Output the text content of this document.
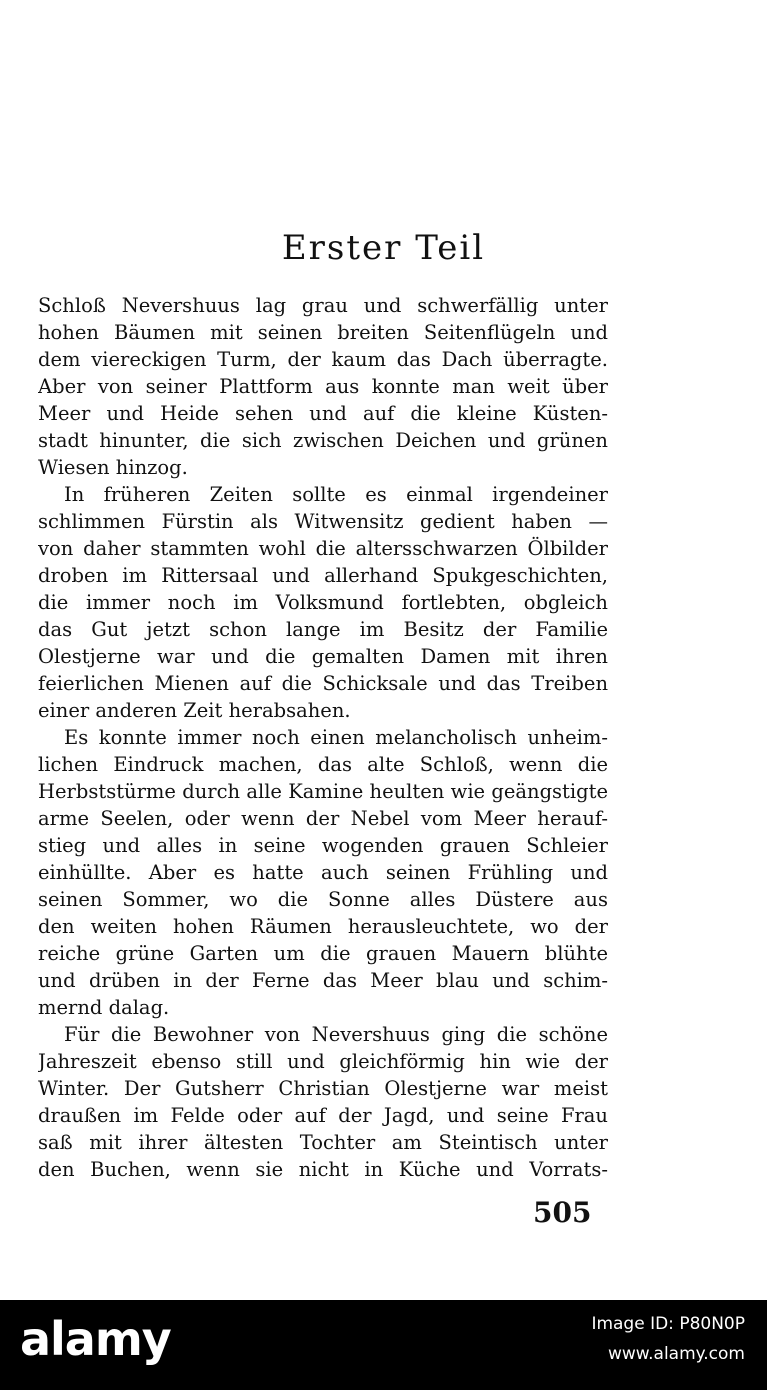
Erster Teil
Schloß Nevershuus lag grau und schwerfällig unter
hohen Bäumen mit seinen breiten Seitenflügeln und
dem viereckigen Turm, der kaum das Dach überragte.
Aber von seiner Plattform aus konnte man weit über
Meer und Heide sehen und auf die kleine Küsten-
stadt hinunter, die sich zwischen Deichen und grünen
Wiesen hinzog.
In früheren Zeiten sollte es einmal irgendeiner
schlimmen Fürstin als Witwensitz gedient haben —
von daher stammten wohl die altersschwarzen Ölbilder
droben im Rittersaal und allerhand Spukgeschichten,
die immer noch im Volksmund fortlebten, obgleich
das Gut jetzt schon lange im Besitz der Familie
Olestjerne war und die gemalten Damen mit ihren
feierlichen Mienen auf die Schicksale und das Treiben
einer anderen Zeit herabsahen.
Es konnte immer noch einen melancholisch unheim-
lichen Eindruck machen, das alte Schloß, wenn die
Herbststürme durch alle Kamine heulten wie geängstigte
arme Seelen, oder wenn der Nebel vom Meer herauf-
stieg und alles in seine wogenden grauen Schleier
einhüllte. Aber es hatte auch seinen Frühling und
seinen Sommer, wo die Sonne alles Düstere aus
den weiten hohen Räumen herausleuchtete, wo der
reiche grüne Garten um die grauen Mauern blühte
und drüben in der Ferne das Meer blau und schim-
mernd dalag.
Für die Bewohner von Nevershuus ging die schöne
Jahreszeit ebenso still und gleichförmig hin wie der
Winter. Der Gutsherr Christian Olestjerne war meist
draußen im Felde oder auf der Jagd, und seine Frau
saß mit ihrer ältesten Tochter am Steintisch unter
den Buchen, wenn sie nicht in Küche und Vorrats-

505

alamy	Image ID: P80N0P

www.alamy.com
